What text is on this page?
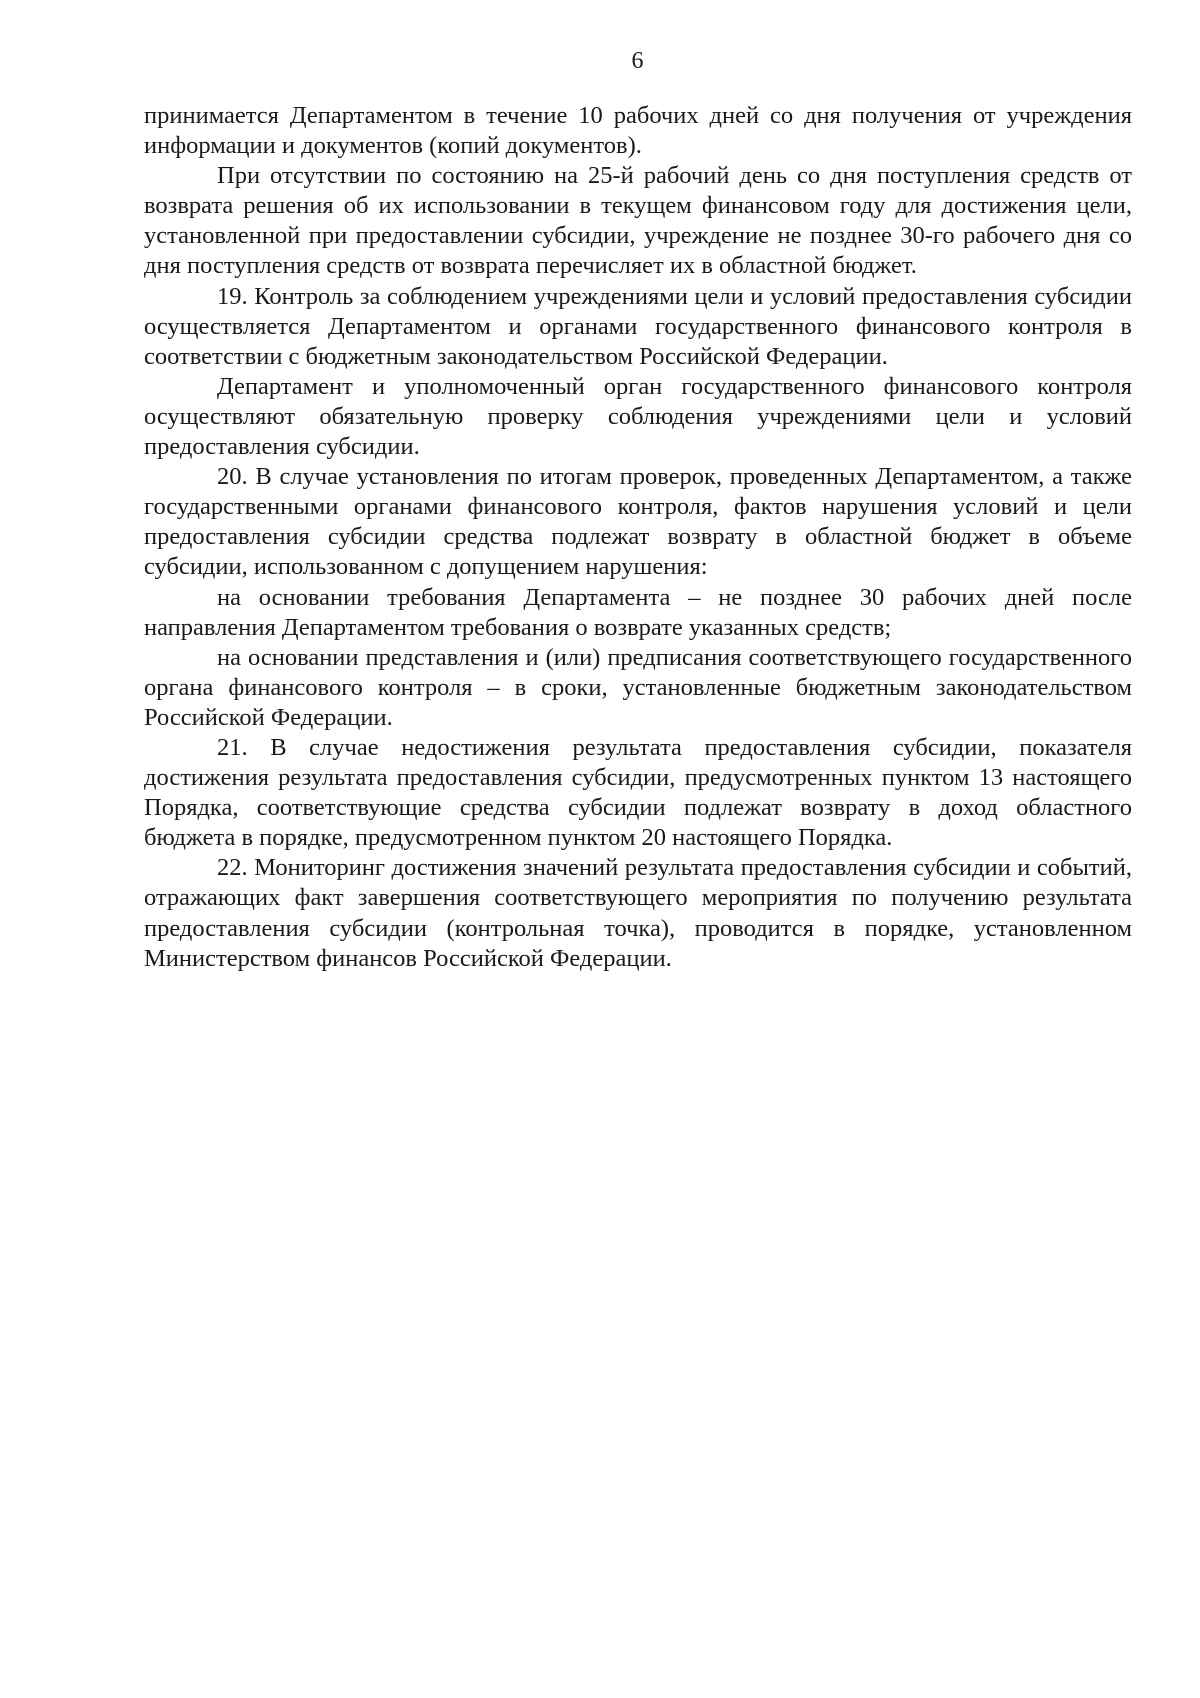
6

принимается Департаментом в течение 10 рабочих дней со дня получения от учреждения информации и документов (копий документов).

При отсутствии по состоянию на 25-й рабочий день со дня поступления средств от возврата решения об их использовании в текущем финансовом году для достижения цели, установленной при предоставлении субсидии, учреждение не позднее 30-го рабочего дня со дня поступления средств от возврата перечисляет их в областной бюджет.

19. Контроль за соблюдением учреждениями цели и условий предоставления субсидии осуществляется Департаментом и органами государственного финансового контроля в соответствии с бюджетным законодательством Российской Федерации.

Департамент и уполномоченный орган государственного финансового контроля осуществляют обязательную проверку соблюдения учреждениями цели и условий предоставления субсидии.

20. В случае установления по итогам проверок, проведенных Департаментом, а также государственными органами финансового контроля, фактов нарушения условий и цели предоставления субсидии средства подлежат возврату в областной бюджет в объеме субсидии, использованном с допущением нарушения:

на основании требования Департамента – не позднее 30 рабочих дней после направления Департаментом требования о возврате указанных средств;

на основании представления и (или) предписания соответствующего государственного органа финансового контроля – в сроки, установленные бюджетным законодательством Российской Федерации.

21. В случае недостижения результата предоставления субсидии, показателя достижения результата предоставления субсидии, предусмотренных пунктом 13 настоящего Порядка, соответствующие средства субсидии подлежат возврату в доход областного бюджета в порядке, предусмотренном пунктом 20 настоящего Порядка.

22. Мониторинг достижения значений результата предоставления субсидии и событий, отражающих факт завершения соответствующего мероприятия по получению результата предоставления субсидии (контрольная точка), проводится в порядке, установленном Министерством финансов Российской Федерации.
